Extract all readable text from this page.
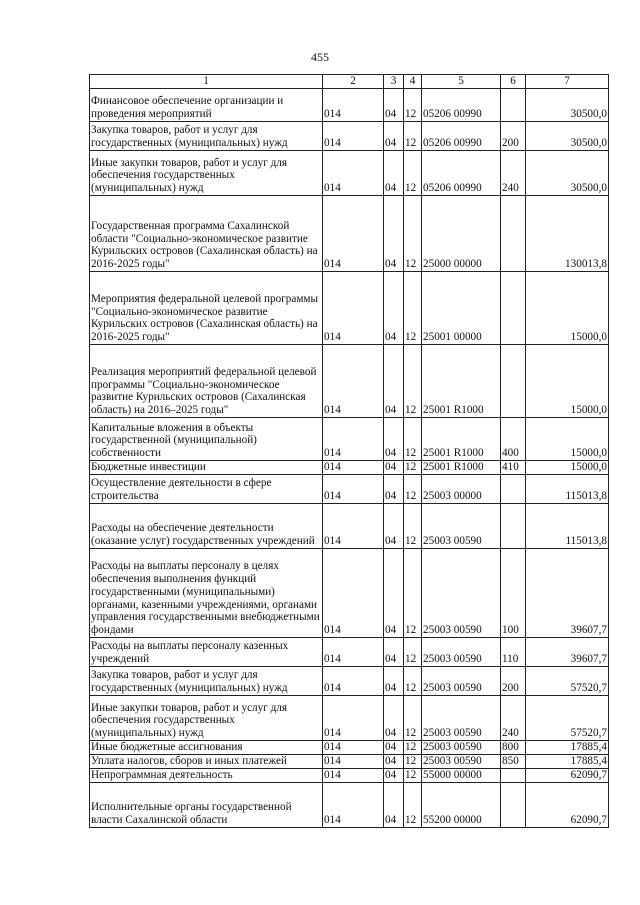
455
1	2	3	4	5	6	7
Финансовое обеспечение организации и проведения мероприятий	014	04	12	05206 00990		30500,0
Закупка товаров, работ и услуг для государственных (муниципальных) нужд	014	04	12	05206 00990	200	30500,0
Иные закупки товаров, работ и услуг для обеспечения государственных (муниципальных) нужд	014	04	12	05206 00990	240	30500,0
Государственная программа Сахалинской области "Социально-экономическое развитие Курильских островов (Сахалинская область) на 2016-2025 годы"	014	04	12	25000 00000		130013,8
Мероприятия федеральной целевой программы "Социально-экономическое развитие Курильских островов (Сахалинская область) на 2016-2025 годы"	014	04	12	25001 00000		15000,0
Реализация мероприятий федеральной целевой программы "Социально-экономическое развитие Курильских островов (Сахалинская область) на 2016–2025 годы"	014	04	12	25001 R1000		15000,0
Капитальные вложения в объекты государственной (муниципальной) собственности	014	04	12	25001 R1000	400	15000,0
Бюджетные инвестиции	014	04	12	25001 R1000	410	15000,0
Осуществление деятельности в сфере строительства	014	04	12	25003 00000		115013,8
Расходы на обеспечение деятельности (оказание услуг) государственных учреждений	014	04	12	25003 00590		115013,8
Расходы на выплаты персоналу в целях обеспечения выполнения функций государственными (муниципальными) органами, казенными учреждениями, органами управления государственными внебюджетными фондами	014	04	12	25003 00590	100	39607,7
Расходы на выплаты персоналу казенных учреждений	014	04	12	25003 00590	110	39607,7
Закупка товаров, работ и услуг для государственных (муниципальных) нужд	014	04	12	25003 00590	200	57520,7
Иные закупки товаров, работ и услуг для обеспечения государственных (муниципальных) нужд	014	04	12	25003 00590	240	57520,7
Иные бюджетные ассигнования	014	04	12	25003 00590	800	17885,4
Уплата налогов, сборов и иных платежей	014	04	12	25003 00590	850	17885,4
Непрограммная деятельность	014	04	12	55000 00000		62090,7
Исполнительные органы государственной власти Сахалинской области	014	04	12	55200 00000		62090,7
